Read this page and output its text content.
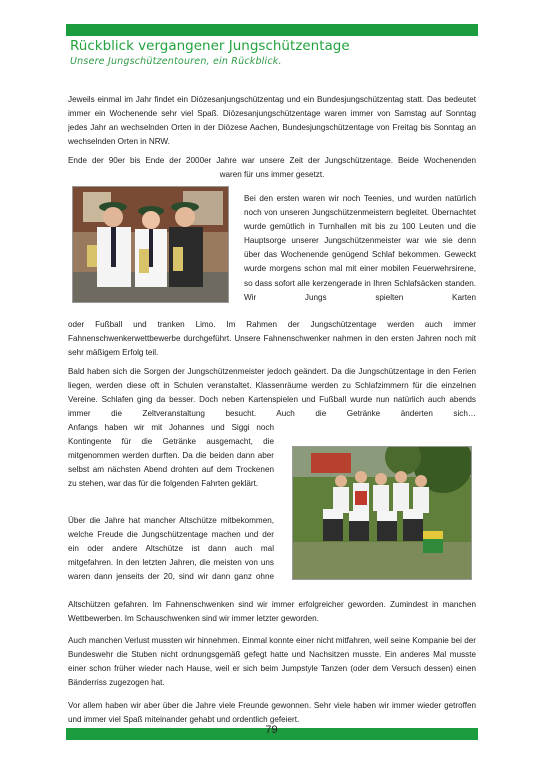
Rückblick vergangener Jungschützentage
Unsere Jungschützentouren, ein Rückblick.

Jeweils einmal im Jahr findet ein Diözesanjungschützentag und ein Bundesjungschützentag statt. Das bedeutet immer ein Wochenende sehr viel Spaß. Diözesanjungschützentage waren immer von Samstag auf Sonntag jedes Jahr an wechselnden Orten in der Diözese Aachen, Bundesjungschützentage von Freitag bis Sonntag an wechselnden Orten in NRW.

Ende der 90er bis Ende der 2000er Jahre war unsere Zeit der Jungschützentage. Beide Wochenenden

waren für uns immer gesetzt.

Bei den ersten waren wir noch Teenies, und wurden natürlich noch von unseren Jungschützenmeistern begleitet. Übernachtet wurde gemütlich in Turnhallen mit bis zu 100 Leuten und die Hauptsorge unserer Jungschützenmeister war wie sie denn über das Wochenende genügend Schlaf bekommen. Geweckt wurde morgens schon mal mit einer mobilen Feuerwehrsirene, so dass sofort alle kerzengerade in Ihren Schlafsäcken standen. Wir Jungs spielten Karten

oder Fußball und tranken Limo. Im Rahmen der Jungschützentage werden auch immer Fahnenschwenkerwettbewerbe durchgeführt. Unsere Fahnenschwenker nahmen in den ersten Jahren noch mit sehr mäßigem Erfolg teil.

Bald haben sich die Sorgen der Jungschützenmeister jedoch geändert. Da die Jungschützentage in den Ferien liegen, werden diese oft in Schulen veranstaltet. Klassenräume werden zu Schlafzimmern für die einzelnen Vereine. Schlafen ging da besser. Doch neben Kartenspielen und Fußball wurde nun natürlich auch abends immer die Zeltveranstaltung besucht. Auch die Getränke änderten sich…

Anfangs haben wir mit Johannes und Siggi noch Kontingente für die Getränke ausgemacht, die mitgenommen werden durften. Da die beiden dann aber selbst am nächsten Abend drohten auf dem Trockenen zu stehen, war das für die folgenden Fahrten geklärt.

Über die Jahre hat mancher Altschütze mitbekommen, welche Freude die Jungschützentage machen und der ein oder andere Altschütze ist dann auch mal mitgefahren. In den letzten Jahren, die meisten von uns waren dann jenseits der 20, sind wir dann ganz ohne

Altschützen gefahren. Im Fahnenschwenken sind wir immer erfolgreicher geworden. Zumindest in manchen Wettbewerben. Im Schauschwenken sind wir immer letzter geworden.

Auch manchen Verlust mussten wir hinnehmen. Einmal konnte einer nicht mitfahren, weil seine Kompanie bei der Bundeswehr die Stuben nicht ordnungsgemäß gefegt hatte und Nachsitzen musste. Ein anderes Mal musste einer schon früher wieder nach Hause, weil er sich beim Jumpstyle Tanzen (oder dem Versuch dessen) einen Bänderriss zugezogen hat.

Vor allem haben wir aber über die Jahre viele Freunde gewonnen. Sehr viele haben wir immer wieder getroffen und immer viel Spaß miteinander gehabt und ordentlich gefeiert.

79
